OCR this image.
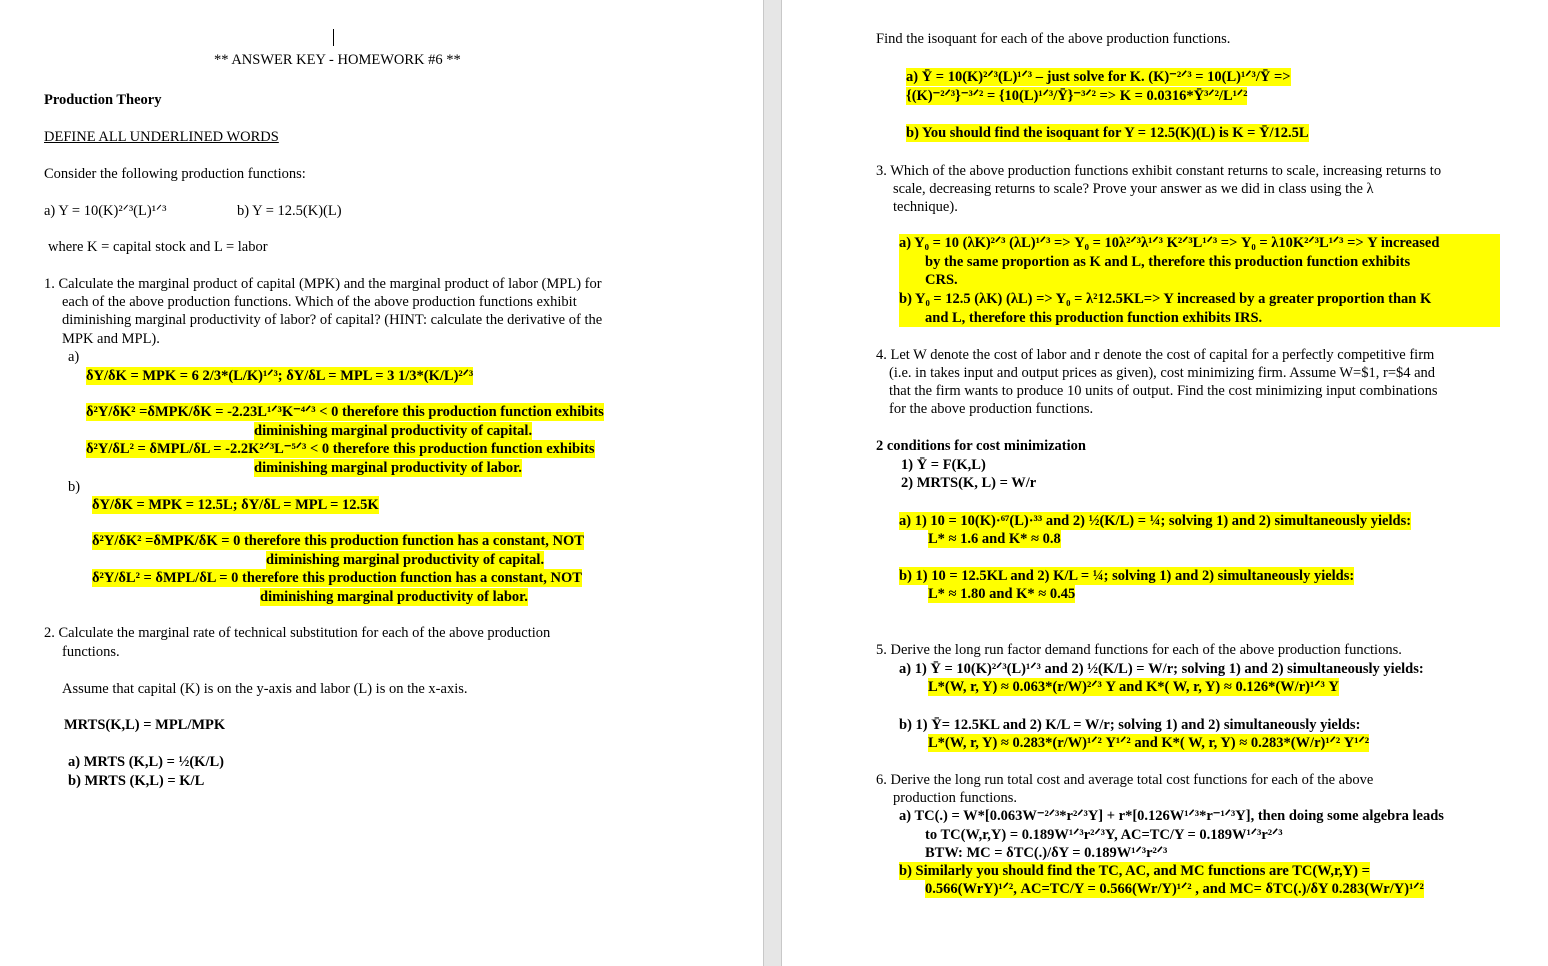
** ANSWER KEY - HOMEWORK #6 **
Production Theory
DEFINE ALL UNDERLINED WORDS
Consider the following production functions:
a) Y = 10(K)²ᐟ³(L)¹ᐟ³	b) Y = 12.5(K)(L)
where K = capital stock and L = labor
1. Calculate the marginal product of capital (MPK) and the marginal product of labor (MPL) for
each of the above production functions. Which of the above production functions exhibit
diminishing marginal productivity of labor? of capital? (HINT: calculate the derivative of the
MPK and MPL).
a)
δY/δK = MPK = 6 2/3*(L/K)¹ᐟ³; δY/δL = MPL = 3 1/3*(K/L)²ᐟ³
δ²Y/δK² =δMPK/δK = -2.23L¹ᐟ³K⁻⁴ᐟ³ < 0 therefore this production function exhibits
diminishing marginal productivity of capital.
δ²Y/δL² = δMPL/δL = -2.2K²ᐟ³L⁻⁵ᐟ³ < 0 therefore this production function exhibits
diminishing marginal productivity of labor.
b)
δY/δK = MPK = 12.5L; δY/δL = MPL = 12.5K
δ²Y/δK² =δMPK/δK = 0 therefore this production function has a constant, NOT
diminishing marginal productivity of capital.
δ²Y/δL² = δMPL/δL = 0 therefore this production function has a constant, NOT
diminishing marginal productivity of labor.
2. Calculate the marginal rate of technical substitution for each of the above production
functions.
Assume that capital (K) is on the y-axis and labor (L) is on the x-axis.
MRTS(K,L) = MPL/MPK
a) MRTS (K,L) = ½(K/L)
b) MRTS (K,L) = K/L
Find the isoquant for each of the above production functions.
a) Ȳ = 10(K)²ᐟ³(L)¹ᐟ³ – just solve for K. (K)⁻²ᐟ³ = 10(L)¹ᐟ³/Ȳ =>
{(K)⁻²ᐟ³}⁻³ᐟ² = {10(L)¹ᐟ³/Ȳ}⁻³ᐟ² => K = 0.0316*Ȳ³ᐟ²/L¹ᐟ²
b) You should find the isoquant for Y = 12.5(K)(L) is K = Ȳ/12.5L
3. Which of the above production functions exhibit constant returns to scale, increasing returns to
scale, decreasing returns to scale? Prove your answer as we did in class using the λ
technique).
a) Y₀ = 10 (λK)²ᐟ³ (λL)¹ᐟ³ => Y₀ = 10λ²ᐟ³λ¹ᐟ³ K²ᐟ³L¹ᐟ³ => Y₀ = λ10K²ᐟ³L¹ᐟ³ => Y increased
by the same proportion as K and L, therefore this production function exhibits
CRS.
b) Y₀ = 12.5 (λK) (λL) => Y₀ = λ²12.5KL=> Y increased by a greater proportion than K
and L, therefore this production function exhibits IRS.
4. Let W denote the cost of labor and r denote the cost of capital for a perfectly competitive firm
(i.e. in takes input and output prices as given), cost minimizing firm. Assume W=$1, r=$4 and
that the firm wants to produce 10 units of output. Find the cost minimizing input combinations
for the above production functions.
2 conditions for cost minimization
1) Ȳ = F(K,L)
2) MRTS(K, L) = W/r
a) 1) 10 = 10(K)·⁶⁷(L)·³³ and 2) ½(K/L) = ¼; solving 1) and 2) simultaneously yields:
L* ≈ 1.6 and K* ≈ 0.8
b) 1) 10 = 12.5KL and 2) K/L = ¼; solving 1) and 2) simultaneously yields:
L* ≈ 1.80 and K* ≈ 0.45
5. Derive the long run factor demand functions for each of the above production functions.
a) 1) Ȳ = 10(K)²ᐟ³(L)¹ᐟ³ and 2) ½(K/L) = W/r; solving 1) and 2) simultaneously yields:
L*(W, r, Y) ≈ 0.063*(r/W)²ᐟ³ Y and K*( W, r, Y) ≈ 0.126*(W/r)¹ᐟ³ Y
b) 1) Ȳ= 12.5KL and 2) K/L = W/r; solving 1) and 2) simultaneously yields:
L*(W, r, Y) ≈ 0.283*(r/W)¹ᐟ² Y¹ᐟ² and K*( W, r, Y) ≈ 0.283*(W/r)¹ᐟ² Y¹ᐟ²
6. Derive the long run total cost and average total cost functions for each of the above
production functions.
a) TC(.) = W*[0.063W⁻²ᐟ³*r²ᐟ³Y] + r*[0.126W¹ᐟ³*r⁻¹ᐟ³Y], then doing some algebra leads
to TC(W,r,Y) = 0.189W¹ᐟ³r²ᐟ³Y, AC=TC/Y = 0.189W¹ᐟ³r²ᐟ³
BTW: MC = δTC(.)/δY = 0.189W¹ᐟ³r²ᐟ³
b) Similarly you should find the TC, AC, and MC functions are TC(W,r,Y) =
0.566(WrY)¹ᐟ², AC=TC/Y = 0.566(Wr/Y)¹ᐟ² , and MC= δTC(.)/δY 0.283(Wr/Y)¹ᐟ²
